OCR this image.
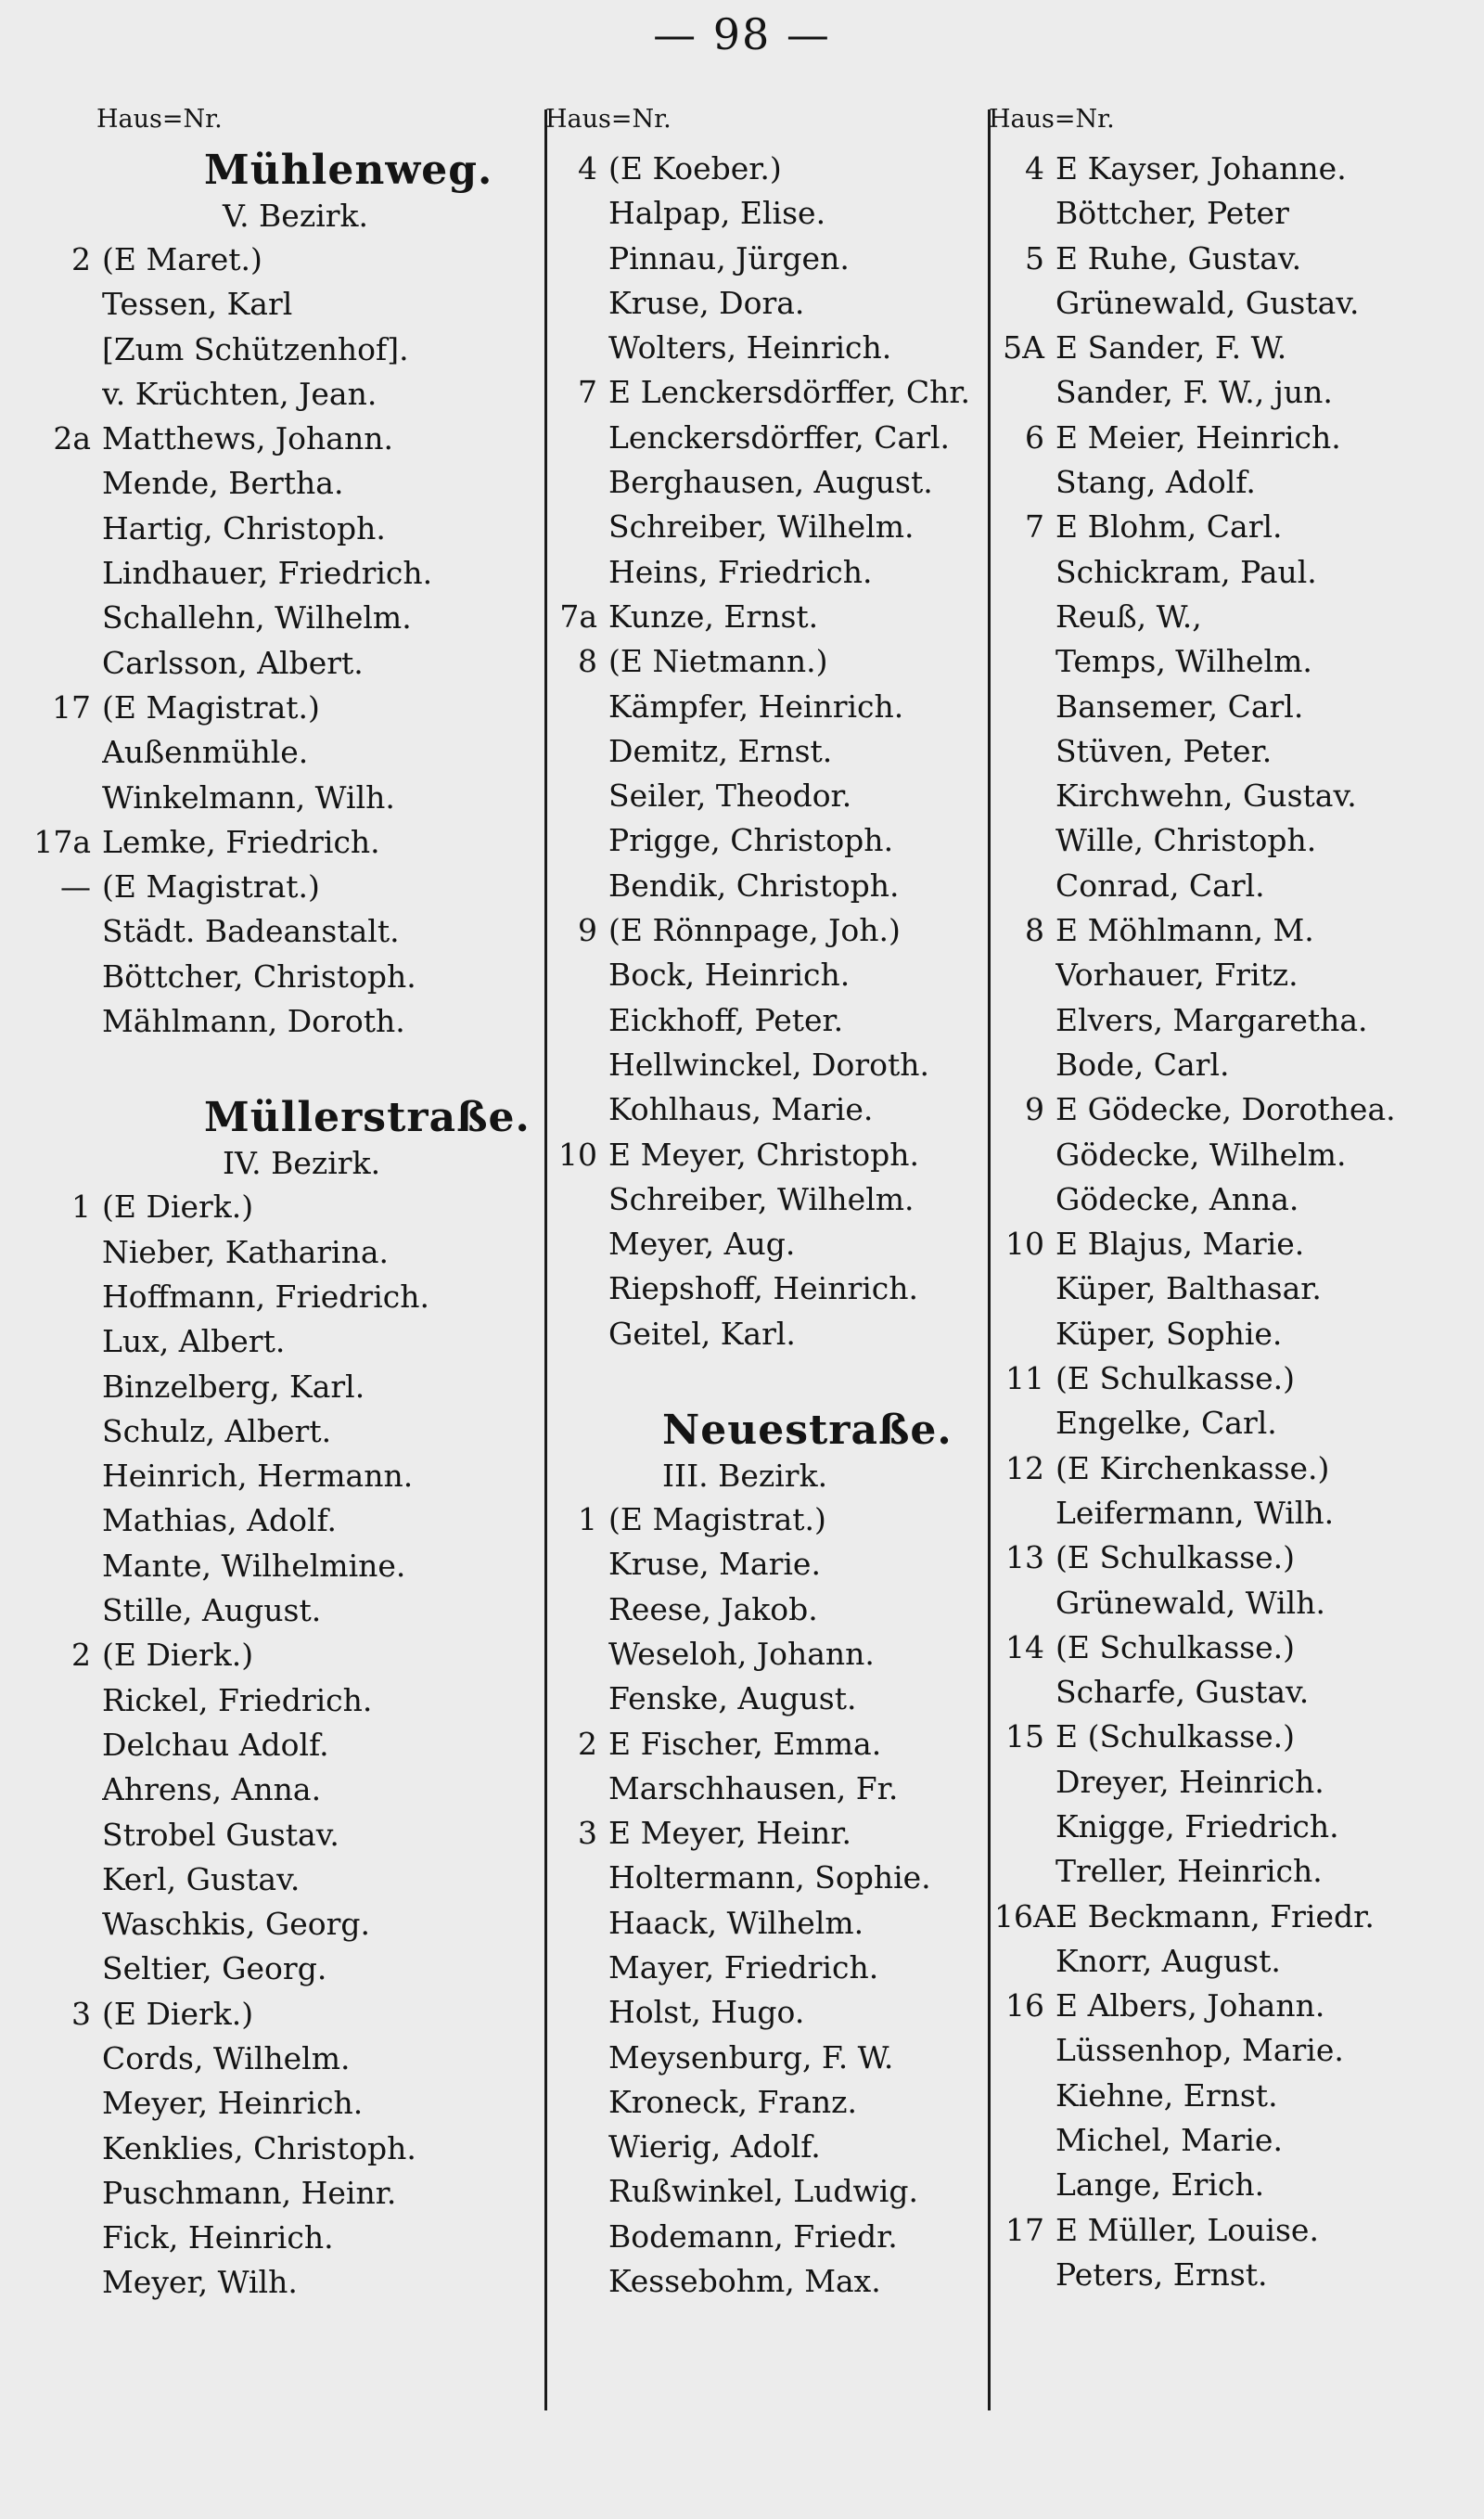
— 98 —
Haus=Nr.
Mühlenweg.
V. Bezirk.
2 (E Maret.)
Tessen, Karl
[Zum Schützenhof].
v. Krüchten, Jean.
2a Matthews, Johann.
Mende, Bertha.
Hartig, Christoph.
Lindhauer, Friedrich.
Schallehn, Wilhelm.
Carlsson, Albert.
17 (E Magistrat.)
Außenmühle.
Winkelmann, Wilh.
17a Lemke, Friedrich.
— (E Magistrat.)
Städt. Badeanstalt.
Böttcher, Christoph.
Mählmann, Doroth.
Müllerstraße.
IV. Bezirk.
1 (E Dierk.)
Nieber, Katharina.
Hoffmann, Friedrich.
Lux, Albert.
Binzelberg, Karl.
Schulz, Albert.
Heinrich, Hermann.
Mathias, Adolf.
Mante, Wilhelmine.
Stille, August.
2 (E Dierk.)
Rickel, Friedrich.
Delchau Adolf.
Ahrens, Anna.
Strobel Gustav.
Kerl, Gustav.
Waschkis, Georg.
Seltier, Georg.
3 (E Dierk.)
Cords, Wilhelm.
Meyer, Heinrich.
Kenklies, Christoph.
Puschmann, Heinr.
Fick, Heinrich.
Meyer, Wilh.
Haus=Nr.
4 (E Koeber.)
Halpap, Elise.
Pinnau, Jürgen.
Kruse, Dora.
Wolters, Heinrich.
7 E Lenckersdörffer, Chr.
Lenckersdörffer, Carl.
Berghausen, August.
Schreiber, Wilhelm.
Heins, Friedrich.
7a Kunze, Ernst.
8 (E Nietmann.)
Kämpfer, Heinrich.
Demitz, Ernst.
Seiler, Theodor.
Prigge, Christoph.
Bendik, Christoph.
9 (E Rönnpage, Joh.)
Bock, Heinrich.
Eickhoff, Peter.
Hellwinckel, Doroth.
Kohlhaus, Marie.
10 E Meyer, Christoph.
Schreiber, Wilhelm.
Meyer, Aug.
Riepshoff, Heinrich.
Geitel, Karl.
Neuestraße.
III. Bezirk.
1 (E Magistrat.)
Kruse, Marie.
Reese, Jakob.
Weseloh, Johann.
Fenske, August.
2 E Fischer, Emma.
Marschhausen, Fr.
3 E Meyer, Heinr.
Holtermann, Sophie.
Haack, Wilhelm.
Mayer, Friedrich.
Holst, Hugo.
Meysenburg, F. W.
Kroneck, Franz.
Wierig, Adolf.
Rußwinkel, Ludwig.
Bodemann, Friedr.
Kessebohm, Max.
Haus=Nr.
4 E Kayser, Johanne.
Böttcher, Peter
5 E Ruhe, Gustav.
Grünewald, Gustav.
5A E Sander, F. W.
Sander, F. W., jun.
6 E Meier, Heinrich.
Stang, Adolf.
7 E Blohm, Carl.
Schickram, Paul.
Reuß, W.,
Temps, Wilhelm.
Bansemer, Carl.
Stüven, Peter.
Kirchwehn, Gustav.
Wille, Christoph.
Conrad, Carl.
8 E Möhlmann, M.
Vorhauer, Fritz.
Elvers, Margaretha.
Bode, Carl.
9 E Gödecke, Dorothea.
Gödecke, Wilhelm.
Gödecke, Anna.
10 E Blajus, Marie.
Küper, Balthasar.
Küper, Sophie.
11 (E Schulkasse.)
Engelke, Carl.
12 (E Kirchenkasse.)
Leifermann, Wilh.
13 (E Schulkasse.)
Grünewald, Wilh.
14 (E Schulkasse.)
Scharfe, Gustav.
15 E (Schulkasse.)
Dreyer, Heinrich.
Knigge, Friedrich.
Treller, Heinrich.
16A E Beckmann, Friedr.
Knorr, August.
16 E Albers, Johann.
Lüssenhop, Marie.
Kiehne, Ernst.
Michel, Marie.
Lange, Erich.
17 E Müller, Louise.
Peters, Ernst.
